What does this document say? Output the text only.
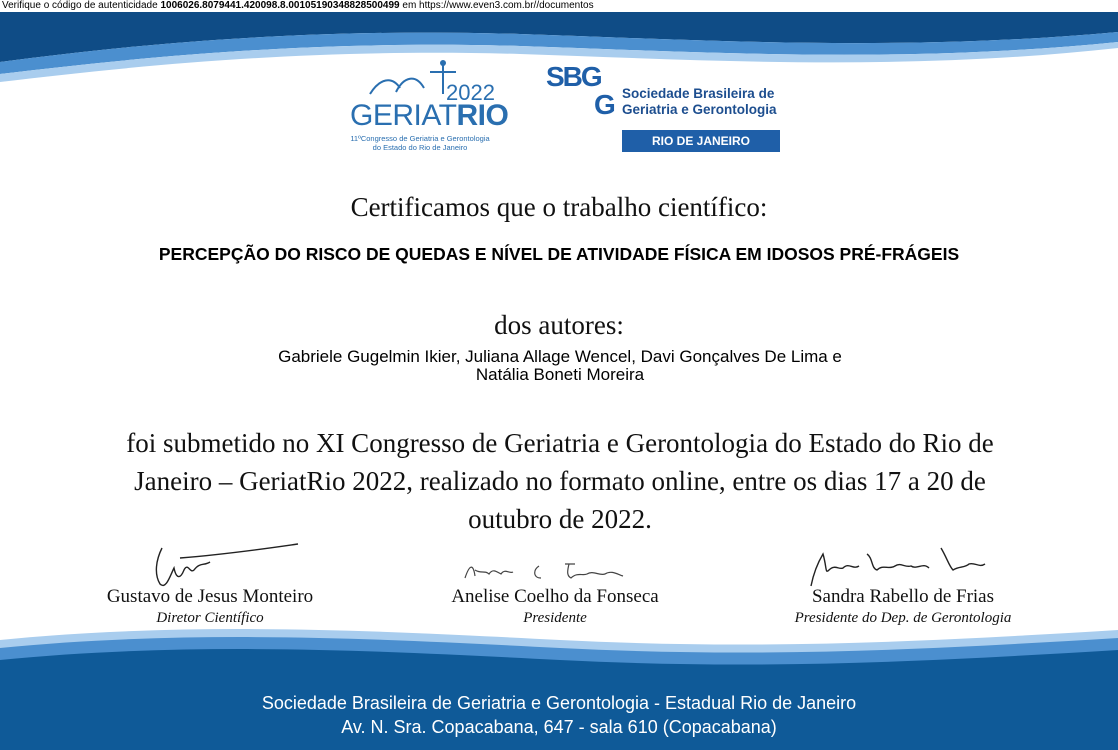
Verifique o código de autenticidade 1006026.8079441.420098.8.00105190348828500499 em https://www.even3.com.br//documentos
2022
GERIATRIO
11ºCongresso de Geriatria e Gerontologia
do Estado do Rio de Janeiro
SBG
G Sociedade Brasileira de
Geriatria e Gerontologia
RIO DE JANEIRO
Certificamos que o trabalho científico:
PERCEPÇÃO DO RISCO DE QUEDAS E NÍVEL DE ATIVIDADE FÍSICA EM IDOSOS PRÉ-FRÁGEIS
dos autores:
Gabriele Gugelmin Ikier, Juliana Allage Wencel, Davi Gonçalves De Lima e
Natália Boneti Moreira
foi submetido no XI Congresso de Geriatria e Gerontologia do Estado do Rio de
Janeiro – GeriatRio 2022, realizado no formato online, entre os dias 17 a 20 de
outubro de 2022.
Gustavo de Jesus Monteiro
Diretor Científico
Anelise Coelho da Fonseca
Presidente
Sandra Rabello de Frias
Presidente do Dep. de Gerontologia
Sociedade Brasileira de Geriatria e Gerontologia - Estadual Rio de Janeiro
Av. N. Sra. Copacabana, 647 - sala 610 (Copacabana)
